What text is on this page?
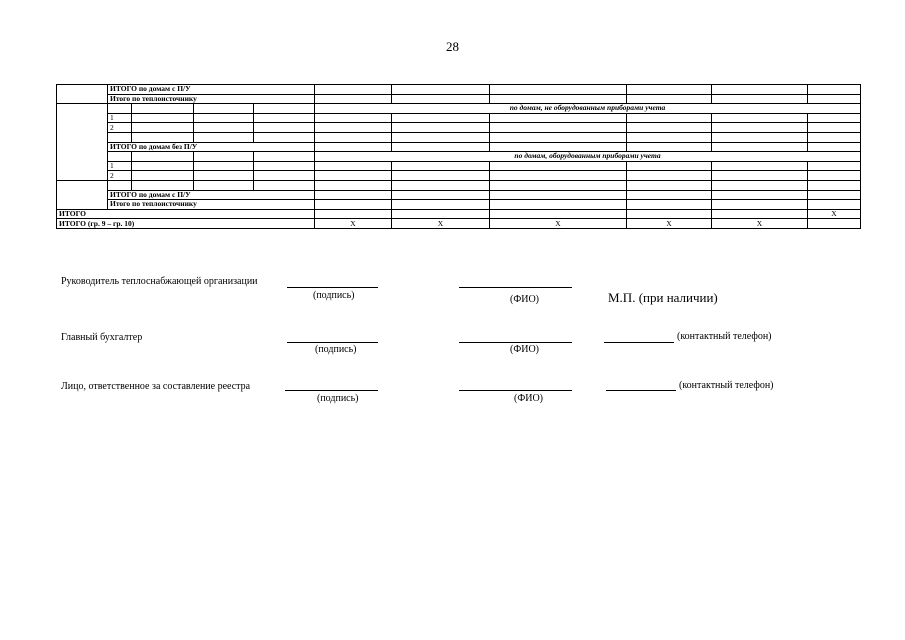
28
	ИТОГО по домам с П/У									
	Итого по теплоисточнику									
					по домам, не оборудованным приборами учета					
	1									
	2									

	ИТОГО по домам без П/У									
					по домам, оборудованным приборами учета					
	1									
	2									

	ИТОГО по домам с П/У									
	Итого по теплоисточнику									
ИТОГО										Х
ИТОГО (гр. 9 – гр. 10)					Х	Х	Х	Х	Х	
Руководитель теплоснабжающей организации
(подпись)	(ФИО)	М.П. (при наличии)
Главный бухгалтер
(подпись)	(ФИО)
(контактный телефон)
Лицо, ответственное за составление реестра
(подпись)	(ФИО)
(контактный телефон)
